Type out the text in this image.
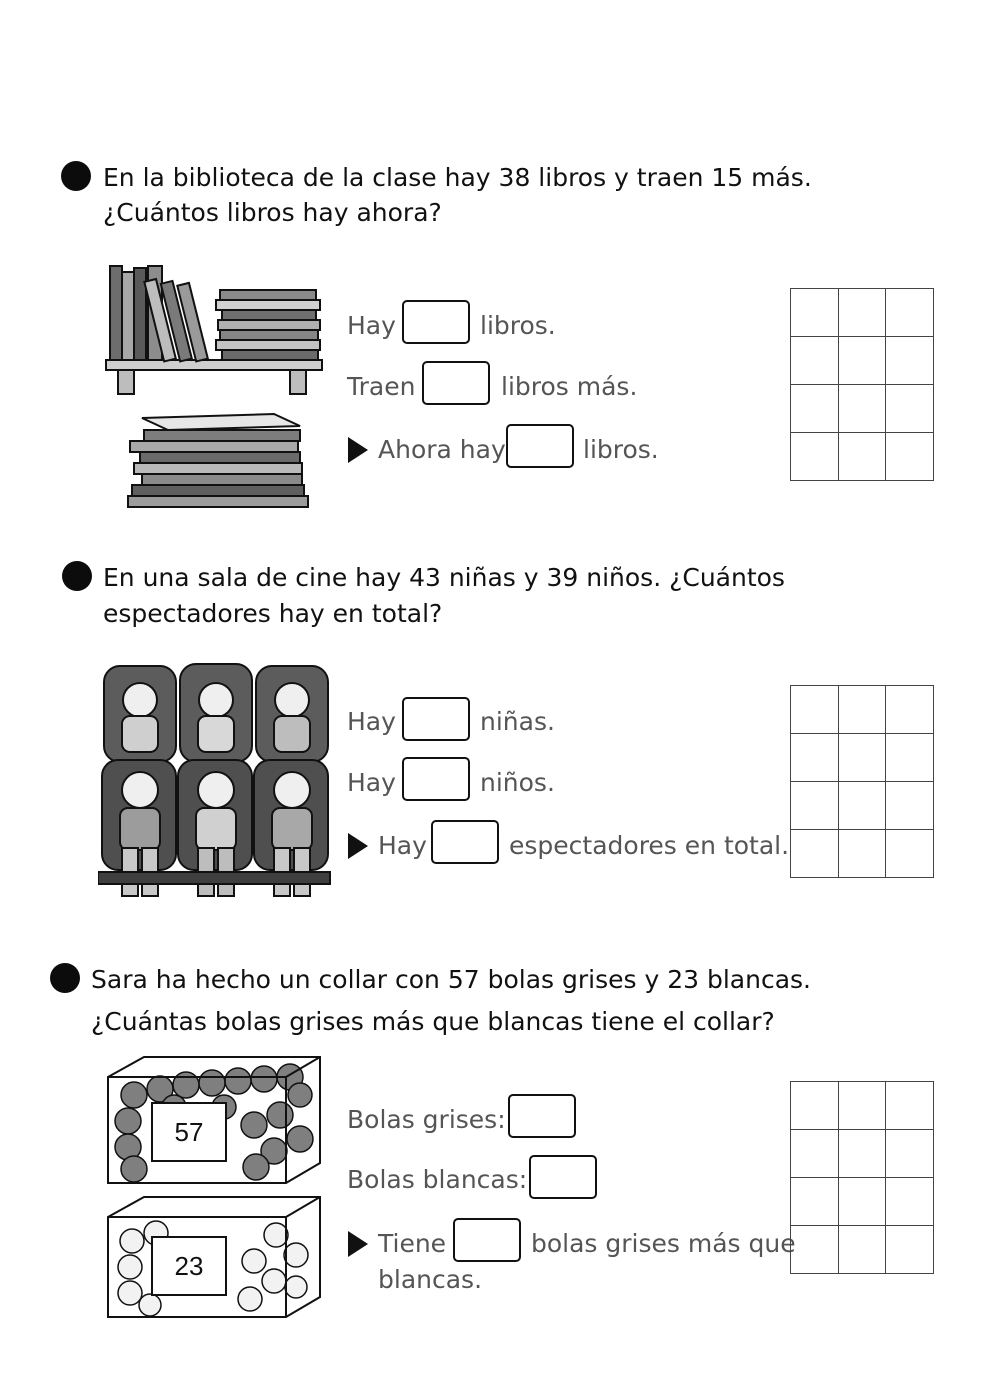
En la biblioteca de la clase hay 38 libros y traen 15 más.
¿Cuántos libros hay ahora?
Hay	libros.
Traen	libros más.
Ahora hay	libros.

En una sala de cine hay 43 niñas y 39 niños. ¿Cuántos
espectadores hay en total?
Hay	niñas.
Hay	niños.
Hay	espectadores en total.

Sara ha hecho un collar con 57 bolas grises y 23 blancas.
¿Cuántas bolas grises más que blancas tiene el collar?
57
23
Bolas grises:
Bolas blancas:
Tiene	bolas grises más que
blancas.
